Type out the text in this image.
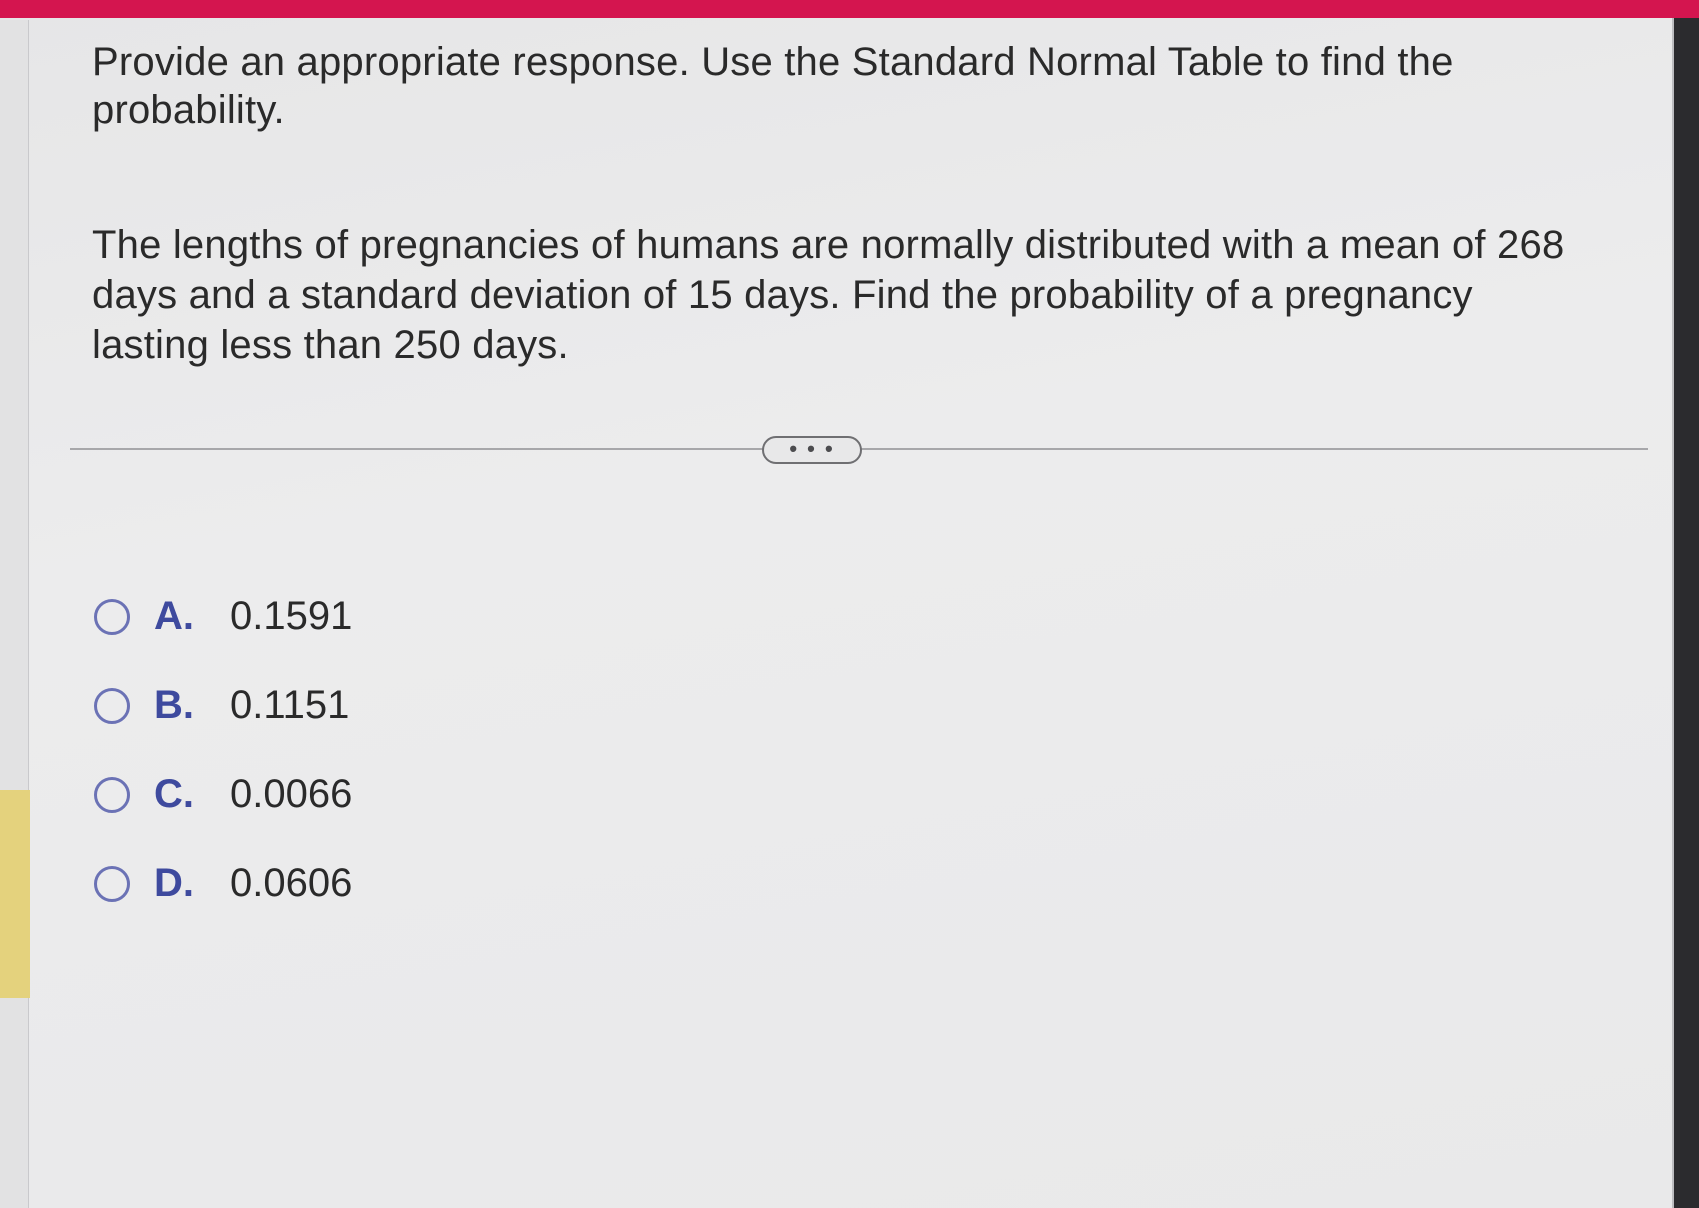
Provide an appropriate response. Use the Standard Normal Table to find the probability.

The lengths of pregnancies of humans are normally distributed with a mean of 268 days and a standard deviation of 15 days. Find the probability of a pregnancy lasting less than 250 days.

• • •
A. 0.1591
B. 0.1151
C. 0.0066
D. 0.0606
